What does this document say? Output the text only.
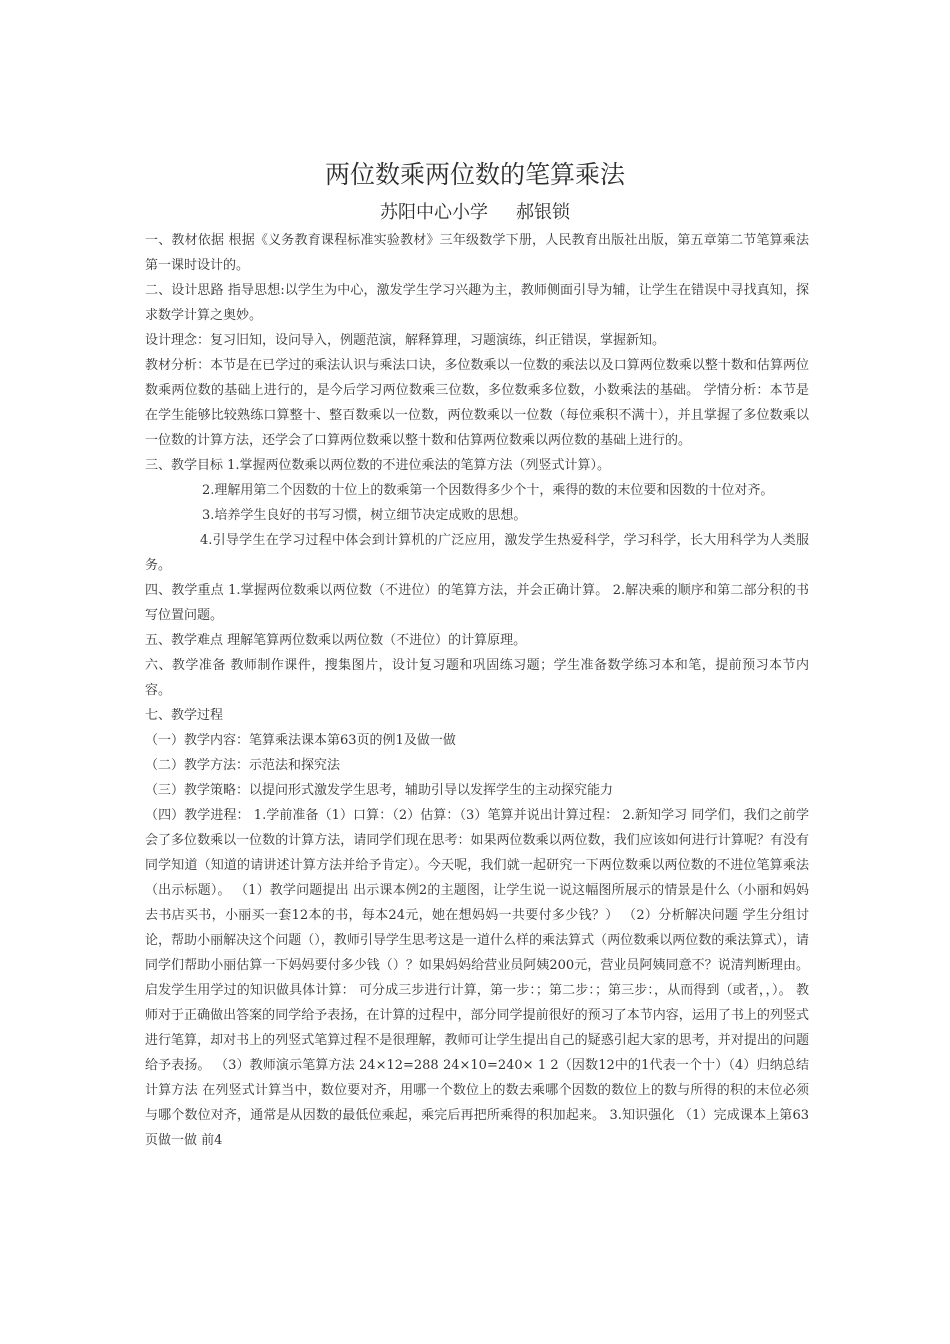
两位数乘两位数的笔算乘法
苏阳中心小学 郝银锁

一、教材依据 根据《义务教育课程标准实验教材》三年级数学下册，人民教育出版社出版，第五章第二节笔算乘法第一课时设计的。

二、设计思路 指导思想:以学生为中心，激发学生学习兴趣为主，教师侧面引导为辅，让学生在错误中寻找真知，探求数学计算之奥妙。

设计理念：复习旧知，设问导入，例题范演，解释算理，习题演练，纠正错误，掌握新知。

教材分析：本节是在已学过的乘法认识与乘法口诀，多位数乘以一位数的乘法以及口算两位数乘以整十数和估算两位数乘两位数的基础上进行的，是今后学习两位数乘三位数，多位数乘多位数，小数乘法的基础。 学情分析：本节是在学生能够比较熟练口算整十、整百数乘以一位数，两位数乘以一位数（每位乘积不满十），并且掌握了多位数乘以一位数的计算方法，还学会了口算两位数乘以整十数和估算两位数乘以两位数的基础上进行的。

三、教学目标 1.掌握两位数乘以两位数的不进位乘法的笔算方法（列竖式计算）。

2.理解用第二个因数的十位上的数乘第一个因数得多少个十，乘得的数的末位要和因数的十位对齐。

3.培养学生良好的书写习惯，树立细节决定成败的思想。

4.引导学生在学习过程中体会到计算机的广泛应用，激发学生热爱科学，学习科学，长大用科学为人类服务。

四、教学重点 1.掌握两位数乘以两位数（不进位）的笔算方法，并会正确计算。 2.解决乘的顺序和第二部分积的书写位置问题。

五、教学难点 理解笔算两位数乘以两位数（不进位）的计算原理。

六、教学准备 教师制作课件，搜集图片，设计复习题和巩固练习题；学生准备数学练习本和笔，提前预习本节内容。

七、教学过程

（一）教学内容：笔算乘法课本第63页的例1及做一做

（二）教学方法：示范法和探究法

（三）教学策略：以提问形式激发学生思考，辅助引导以发挥学生的主动探究能力

（四）教学进程： 1.学前准备（1）口算：（2）估算：（3）笔算并说出计算过程： 2.新知学习 同学们，我们之前学会了多位数乘以一位数的计算方法，请同学们现在思考：如果两位数乘以两位数，我们应该如何进行计算呢？有没有同学知道（知道的请讲述计算方法并给予肯定）。今天呢，我们就一起研究一下两位数乘以两位数的不进位笔算乘法（出示标题）。 （1）教学问题提出 出示课本例2的主题图，让学生说一说这幅图所展示的情景是什么（小丽和妈妈去书店买书，小丽买一套12本的书，每本24元，她在想妈妈一共要付多少钱？） （2）分析解决问题 学生分组讨论，帮助小丽解决这个问题（），教师引导学生思考这是一道什么样的乘法算式（两位数乘以两位数的乘法算式），请同学们帮助小丽估算一下妈妈要付多少钱（）？如果妈妈给营业员阿姨200元，营业员阿姨同意不？说清判断理由。启发学生用学过的知识做具体计算： 可分成三步进行计算，第一步：；第二步：；第三步：，从而得到（或者，，）。 教师对于正确做出答案的同学给予表扬，在计算的过程中，部分同学提前很好的预习了本节内容，运用了书上的列竖式进行笔算，却对书上的列竖式笔算过程不是很理解，教师可让学生提出自己的疑惑引起大家的思考，并对提出的问题给予表扬。 （3）教师演示笔算方法 24×12=288 24×10=240× 1 2（因数12中的1代表一个十）（4）归纳总结计算方法 在列竖式计算当中，数位要对齐，用哪一个数位上的数去乘哪个因数的数位上的数与所得的积的末位必须与哪个数位对齐，通常是从因数的最低位乘起，乘完后再把所乘得的积加起来。 3.知识强化 （1）完成课本上第63页做一做 前4
